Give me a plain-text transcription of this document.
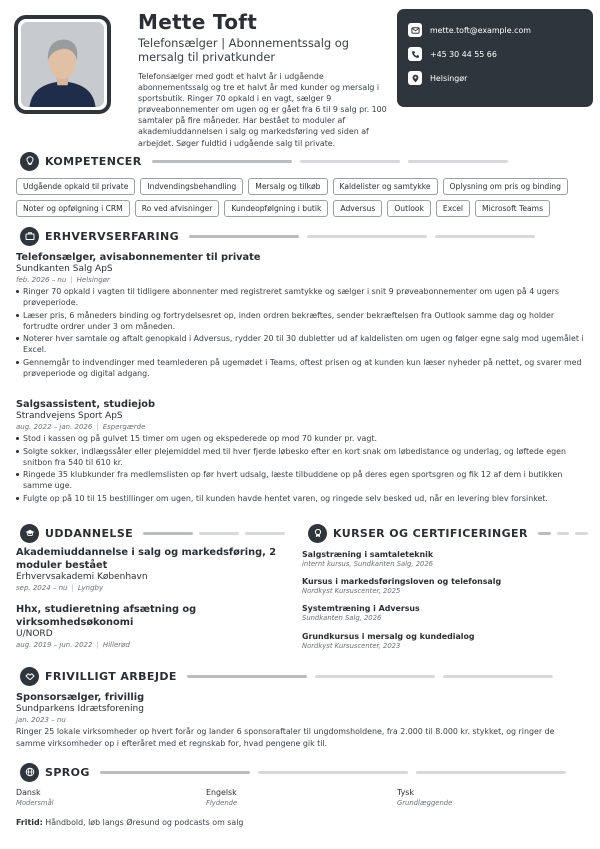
Mette Toft
Telefonsælger | Abonnementssalg og mersalg til privatkunder
Telefonsælger med godt et halvt år i udgående abonnementssalg og tre et halvt år med kunder og mersalg i sportsbutik. Ringer 70 opkald i en vagt, sælger 9 prøveabonnementer om ugen og er gået fra 6 til 9 salg pr. 100 samtaler på fire måneder. Har bestået to moduler af akademiuddannelsen i salg og markedsføring ved siden af arbejdet. Søger fuldtid i udgående salg til private.
mette.toft@example.com
+45 30 44 55 66
Helsingør
KOMPETENCER
Udgående opkald til private	Indvendingsbehandling	Mersalg og tilkøb	Kaldelister og samtykke	Oplysning om pris og binding
Noter og opfølgning i CRM	Ro ved afvisninger	Kundeopfølgning i butik	Adversus	Outlook	Excel	Microsoft Teams
ERHVERVSERFARING
Telefonsælger, avisabonnementer til private
Sundkanten Salg ApS
feb. 2026 – nu | Helsingør
Ringer 70 opkald i vagten til tidligere abonnenter med registreret samtykke og sælger i snit 9 prøveabonnementer om ugen på 4 ugers prøveperiode.
Læser pris, 6 måneders binding og fortrydelsesret op, inden ordren bekræftes, sender bekræftelsen fra Outlook samme dag og holder fortrudte ordrer under 3 om måneden.
Noterer hver samtale og aftalt genopkald i Adversus, rydder 20 til 30 dubletter ud af kaldelisten om ugen og følger egne salg mod ugemålet i Excel.
Gennemgår to indvendinger med teamlederen på ugemødet i Teams, oftest prisen og at kunden kun læser nyheder på nettet, og svarer med prøveperiode og digital adgang.
Salgsassistent, studiejob
Strandvejens Sport ApS
aug. 2022 – jan. 2026 | Espergærde
Stod i kassen og på gulvet 15 timer om ugen og ekspederede op mod 70 kunder pr. vagt.
Solgte sokker, indlægssåler eller plejemiddel med til hver fjerde løbesko efter en kort snak om løbedistance og underlag, og løftede egen snitbon fra 540 til 610 kr.
Ringede 35 klubkunder fra medlemslisten op før hvert udsalg, læste tilbuddene op på deres egen sportsgren og fik 12 af dem i butikken samme uge.
Fulgte op på 10 til 15 bestillinger om ugen, til kunden havde hentet varen, og ringede selv besked ud, når en levering blev forsinket.
UDDANNELSE
Akademiuddannelse i salg og markedsføring, 2 moduler bestået
Erhvervsakademi København
sep. 2024 – nu | Lyngby
Hhx, studieretning afsætning og virksomhedsøkonomi
U/NORD
aug. 2019 – jun. 2022 | Hillerød
KURSER OG CERTIFICERINGER
Salgstræning i samtaleteknik
internt kursus, Sundkanten Salg, 2026
Kursus i markedsføringsloven og telefonsalg
Nordkyst Kursuscenter, 2025
Systemtræning i Adversus
Sundkanten Salg, 2026
Grundkursus i mersalg og kundedialog
Nordkyst Kursuscenter, 2023
FRIVILLIGT ARBEJDE
Sponsorsælger, frivillig
Sundparkens Idrætsforening
jan. 2023 – nu
Ringer 25 lokale virksomheder op hvert forår og lander 6 sponsoraftaler til ungdomsholdene, fra 2.000 til 8.000 kr. stykket, og ringer de samme virksomheder op i efteråret med et regnskab for, hvad pengene gik til.
SPROG
Dansk
Modersmål
Engelsk
Flydende
Tysk
Grundlæggende
Fritid: Håndbold, løb langs Øresund og podcasts om salg
